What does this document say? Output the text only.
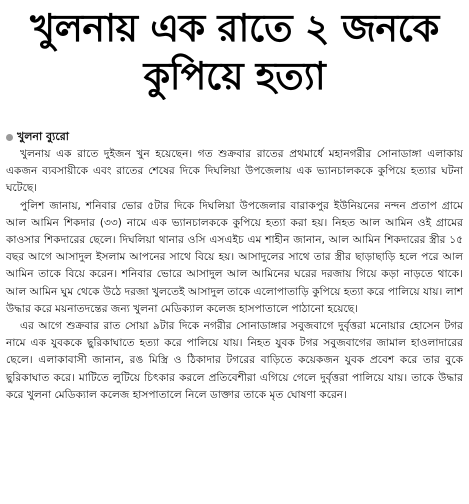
খুলনায় এক রাতে ২ জনকে
কুপিয়ে হত্যা
খুলনা ব্যুরো

খুলনায় এক রাতে দুইজন খুন হয়েছেন। গত শুক্রবার রাতের প্রথমার্ধে মহানগরীর সোনাডাঙ্গা এলাকায় একজন ব্যবসায়ীকে এবং রাতের শেষের দিকে দিঘলিয়া উপজেলায় এক ভ্যানচালককে কুপিয়ে হত্যার ঘটনা ঘটেছে।

পুলিশ জানায়, শনিবার ভোর ৫টার দিকে দিঘলিয়া উপজেলার বারাকপুর ইউনিয়নের নন্দন প্রতাপ গ্রামে আল আমিন শিকদার (৩৩) নামে এক ভ্যানচালককে কুপিয়ে হত্যা করা হয়। নিহত আল আমিন ওই গ্রামের কাওসার শিকদারের ছেলে। দিঘলিয়া থানার ওসি এসএইচ এম শাহীন জানান, আল আমিন শিকদারের স্ত্রীর ১৫ বছর আগে আসাদুল ইসলাম আপনের সাথে বিয়ে হয়। আসাদুলের সাথে তার স্ত্রীর ছাড়াছাড়ি হলে পরে আল আমিন তাকে বিয়ে করেন। শনিবার ভোরে আসাদুল আল আমিনের ঘরের দরজায় গিয়ে কড়া নাড়তে থাকে। আল আমিন ঘুম থেকে উঠে দরজা খুলতেই আসাদুল তাকে এলোপাতাড়ি কুপিয়ে হত্যা করে পালিয়ে যায়। লাশ উদ্ধার করে ময়নাতদন্তের জন্য খুলনা মেডিক্যাল কলেজ হাসপাতালে পাঠানো হয়েছে।

এর আগে শুক্রবার রাত সোয়া ৯টার দিকে নগরীর সোনাডাঙ্গার সবুজবাগে দুর্বৃত্তরা মনোয়ার হোসেন টগর নামে এক যুবককে ছুরিকাঘাতে হত্যা করে পালিয়ে যায়। নিহত যুবক টগর সবুজবাগের জামাল হাওলাদারের ছেলে। এলাকাবাসী জানান, রঙ মিস্ত্রি ও ঠিকাদার টগরের বাড়িতে কয়েকজন যুবক প্রবেশ করে তার বুকে ছুরিকাঘাত করে। মাটিতে লুটিয়ে চিৎকার করলে প্রতিবেশীরা এগিয়ে গেলে দুর্বৃত্তরা পালিয়ে যায়। তাকে উদ্ধার করে খুলনা মেডিক্যাল কলেজ হাসপাতালে নিলে ডাক্তার তাকে মৃত ঘোষণা করেন।
